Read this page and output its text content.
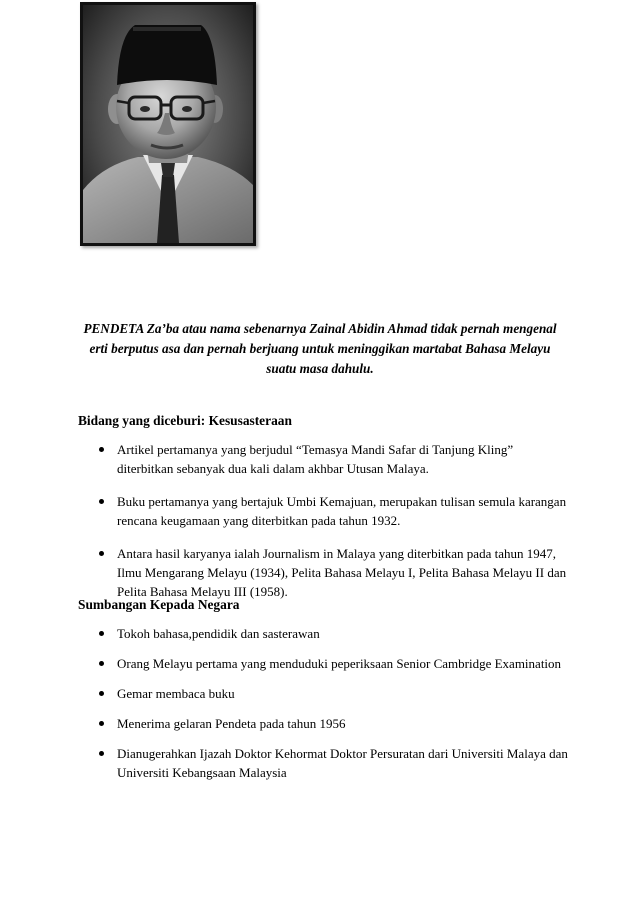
PENDETA Za’ba atau nama sebenarnya Zainal Abidin Ahmad tidak pernah mengenal erti berputus asa dan pernah berjuang untuk meninggikan martabat Bahasa Melayu suatu masa dahulu.

Bidang yang diceburi: Kesusasteraan
Artikel pertamanya yang berjudul “Temasya Mandi Safar di Tanjung Kling” diterbitkan sebanyak dua kali dalam akhbar Utusan Malaya.
Buku pertamanya yang bertajuk Umbi Kemajuan, merupakan tulisan semula karangan rencana keugamaan yang diterbitkan pada tahun 1932.
Antara hasil karyanya ialah Journalism in Malaya yang diterbitkan pada tahun 1947, Ilmu Mengarang Melayu (1934), Pelita Bahasa Melayu I, Pelita Bahasa Melayu II dan Pelita Bahasa Melayu III (1958).
Sumbangan Kepada Negara
Tokoh bahasa,pendidik dan sasterawan
Orang Melayu pertama yang menduduki peperiksaan Senior Cambridge Examination
Gemar membaca buku
Menerima gelaran Pendeta pada tahun 1956
Dianugerahkan Ijazah Doktor Kehormat Doktor Persuratan dari Universiti Malaya dan Universiti Kebangsaan Malaysia
